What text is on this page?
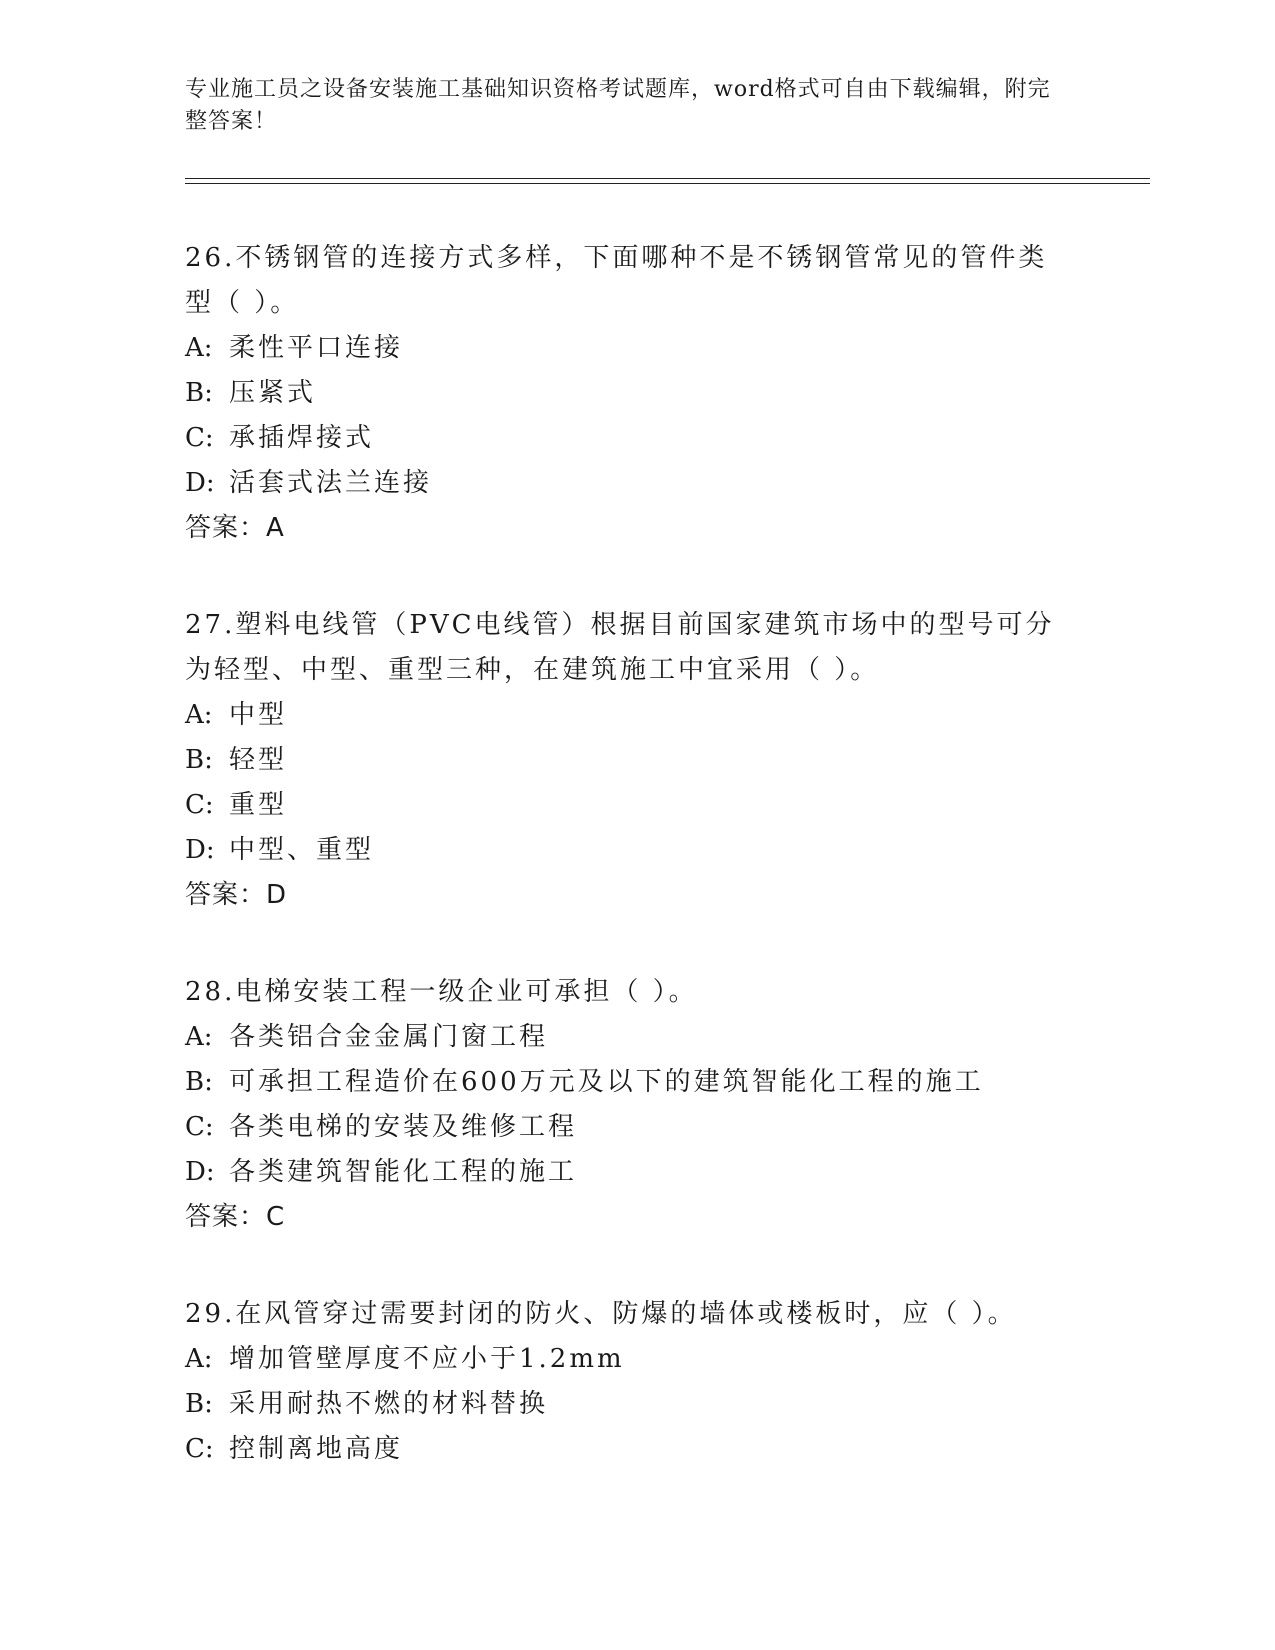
专业施工员之设备安装施工基础知识资格考试题库，word格式可自由下载编辑，附完整答案！

26.不锈钢管的连接方式多样，下面哪种不是不锈钢管常见的管件类型（ ）。

A: 柔性平口连接

B: 压紧式

C: 承插焊接式

D: 活套式法兰连接

答案：A

27.塑料电线管（PVC电线管）根据目前国家建筑市场中的型号可分为轻型、中型、重型三种，在建筑施工中宜采用（ ）。

A: 中型

B: 轻型

C: 重型

D: 中型、重型

答案：D

28.电梯安装工程一级企业可承担（ ）。

A: 各类铝合金金属门窗工程

B: 可承担工程造价在600万元及以下的建筑智能化工程的施工

C: 各类电梯的安装及维修工程

D: 各类建筑智能化工程的施工

答案：C

29.在风管穿过需要封闭的防火、防爆的墙体或楼板时，应（ ）。

A: 增加管壁厚度不应小于1.2mm

B: 采用耐热不燃的材料替换

C: 控制离地高度
